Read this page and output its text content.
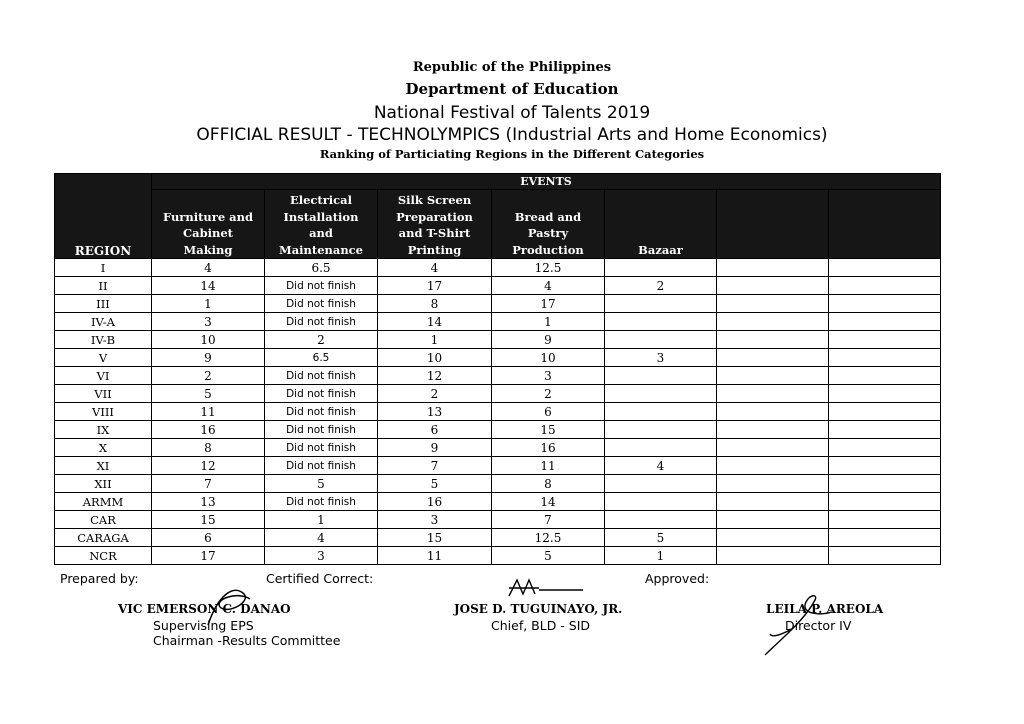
Republic of the Philippines
Department of Education
National Festival of Talents 2019
OFFICIAL RESULT - TECHNOLYMPICS (Industrial Arts and Home Economics)
Ranking of Particiating Regions in the Different Categories
REGION	EVENTS						

	Furniture and
Cabinet
Making	Electrical
Installation
and
Maintenance	Silk Screen
Preparation
and T-Shirt
Printing	Bread and
Pastry
Production	Bazaar		

I	4	6.5	4	12.5			
II	14	Did not finish	17	4	2		
III	1	Did not finish	8	17			
IV-A	3	Did not finish	14	1			
IV-B	10	2	1	9			
V	9	6.5	10	10	3		
VI	2	Did not finish	12	3			
VII	5	Did not finish	2	2			
VIII	11	Did not finish	13	6			
IX	16	Did not finish	6	15			
X	8	Did not finish	9	16			
XI	12	Did not finish	7	11	4		
XII	7	5	5	8			
ARMM	13	Did not finish	16	14			
CAR	15	1	3	7			
CARAGA	6	4	15	12.5	5		
NCR	17	3	11	5	1		
Prepared by:	Certified Correct:	Approved:
VIC EMERSON C. DANAO
Supervising EPS
Chairman -Results Committee
JOSE D. TUGUINAYO, JR.
Chief, BLD - SID
LEILA P. AREOLA
Director IV
